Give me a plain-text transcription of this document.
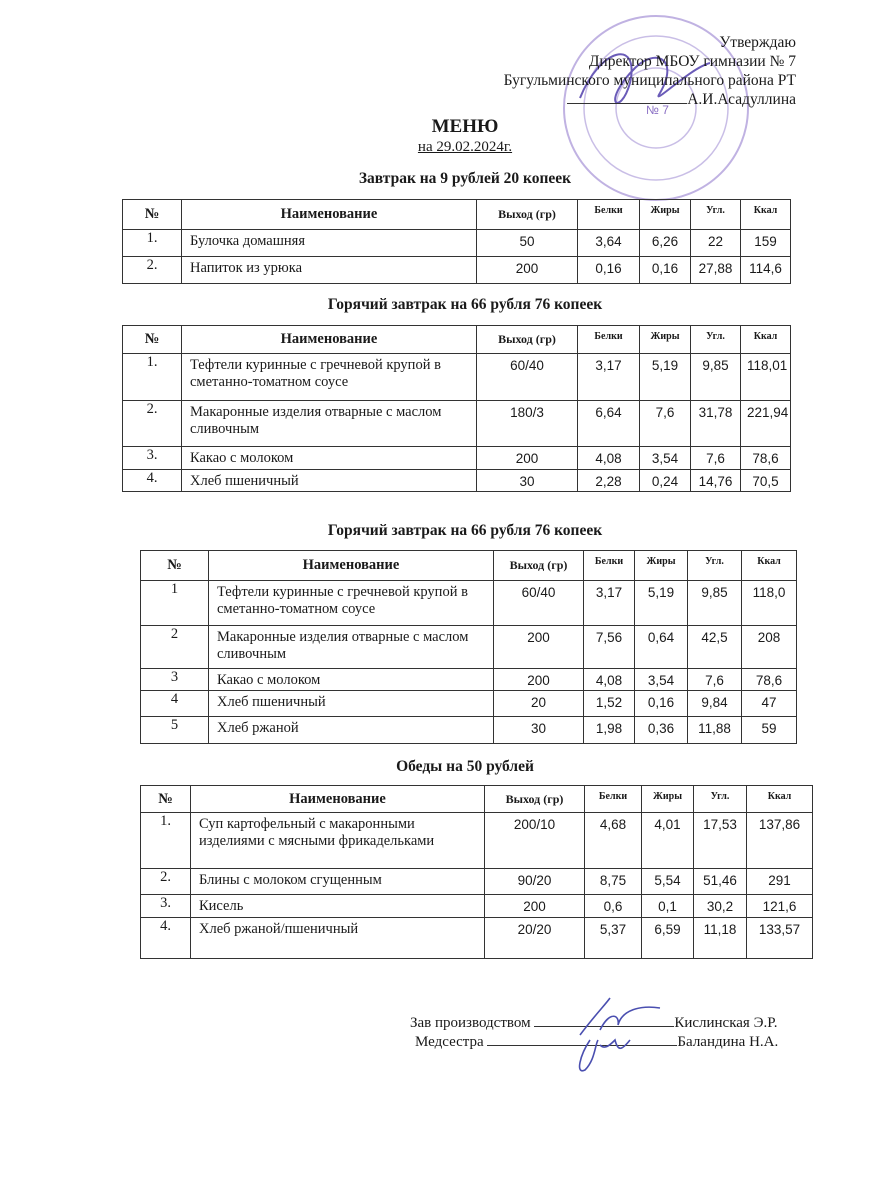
№ 7
Утверждаю
Директор МБОУ гимназии № 7
Бугульминского муниципального района РТ
А.И.Асадуллина
МЕНЮ
на 29.02.2024г.
Завтрак на 9 рублей 20 копеек
Горячий завтрак на 66 рубля 76 копеек
Горячий завтрак на 66 рубля 76 копеек
Обеды на 50 рублей
№	Наименование	Выход (гр)	Белки	Жиры	Угл.	Ккал
1.	Булочка домашняя	50	3,64	6,26	22	159
2.	Напиток из урюка	200	0,16	0,16	27,88	114,6
№	Наименование	Выход (гр)	Белки	Жиры	Угл.	Ккал
1.	Тефтели куринные с гречневой крупой в сметанно-томатном соусе	60/40	3,17	5,19	9,85	118,01
2.	Макаронные изделия отварные с маслом сливочным	180/3	6,64	7,6	31,78	221,94
3.	Какао с молоком	200	4,08	3,54	7,6	78,6
4.	Хлеб пшеничный	30	2,28	0,24	14,76	70,5
№	Наименование	Выход (гр)	Белки	Жиры	Угл.	Ккал
1	Тефтели куринные с гречневой крупой в сметанно-томатном соусе	60/40	3,17	5,19	9,85	118,0
2	Макаронные изделия отварные с маслом сливочным	200	7,56	0,64	42,5	208
3	Какао с молоком	200	4,08	3,54	7,6	78,6
4	Хлеб пшеничный	20	1,52	0,16	9,84	47
5	Хлеб ржаной	30	1,98	0,36	11,88	59
№	Наименование	Выход (гр)	Белки	Жиры	Угл.	Ккал
1.	Суп картофельный с макаронными изделиями с мясными фрикадельками	200/10	4,68	4,01	17,53	137,86
2.	Блины с молоком сгущенным	90/20	8,75	5,54	51,46	291
3.	Кисель	200	0,6	0,1	30,2	121,6
4.	Хлеб ржаной/пшеничный	20/20	5,37	6,59	11,18	133,57
Зав производством	Кислинская Э.Р.
Медсестра	Баландина Н.А.
